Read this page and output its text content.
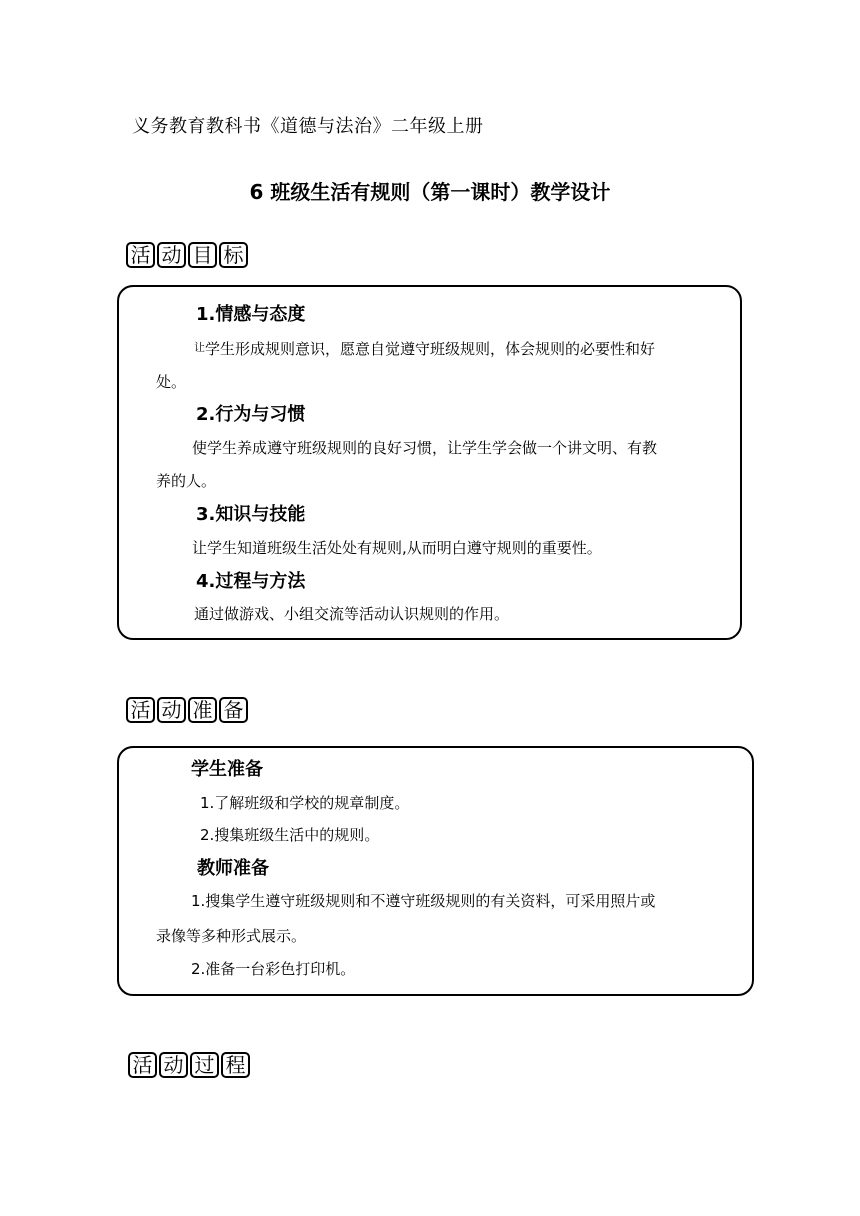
义务教育教科书《道德与法治》二年级上册
6 班级生活有规则（第一课时）教学设计
活 动 目 标
1.情感与态度
$^让$学生形成规则意识，愿意自觉遵守班级规则，体会规则的必要性和好
处。
2.行为与习惯
使学生养成遵守班级规则的良好习惯，让学生学会做一个讲文明、有教
养的人。
3.知识与技能
让学生知道班级生活处处有规则,从而明白遵守规则的重要性。
4.过程与方法
通过做游戏、小组交流等活动认识规则的作用。
活 动 准 备
学生准备
1.了解班级和学校的规章制度。
2.搜集班级生活中的规则。
教师准备
1.搜集学生遵守班级规则和不遵守班级规则的有关资料，可采用照片或
录像等多种形式展示。
2.准备一台彩色打印机。
活 动 过 程
